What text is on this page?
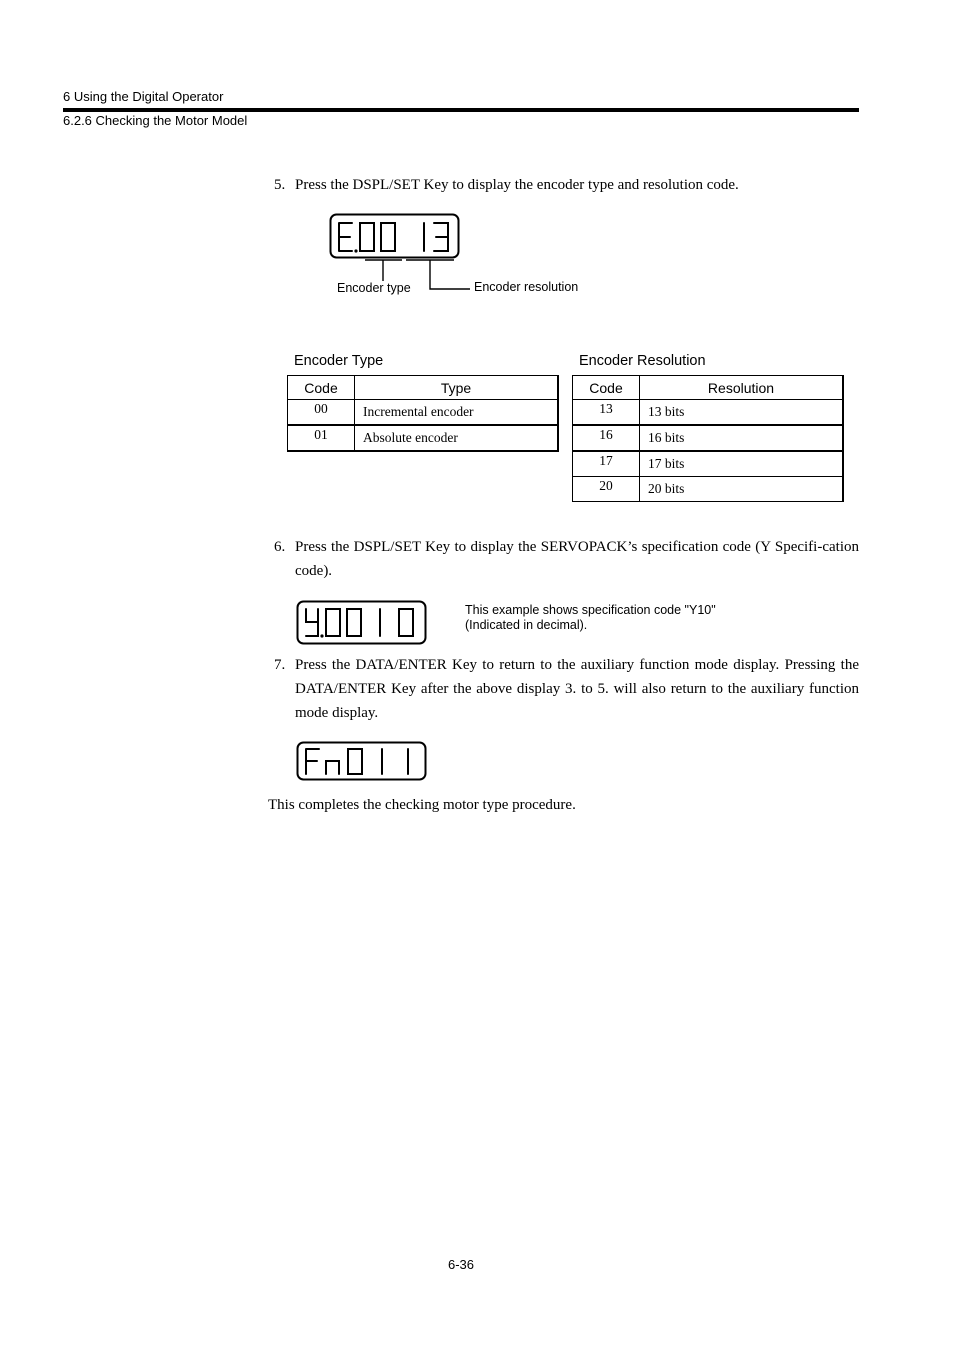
6 Using the Digital Operator
6.2.6 Checking the Motor Model
5. Press the DSPL/SET Key to display the encoder type and resolution code.
Encoder type	Encoder resolution
Encoder Type	Encoder Resolution
Code	Type
00	Incremental encoder
01	Absolute encoder
Code	Resolution
13	13 bits
16	16 bits
17	17 bits
20	20 bits
6. Press the DSPL/SET Key to display the SERVOPACK’s specification code (Y Specifi-cation code).
This example shows specification code "Y10"
(Indicated in decimal).
7. Press the DATA/ENTER Key to return to the auxiliary function mode display. Pressing the DATA/ENTER Key after the above display 3. to 5. will also return to the auxiliary function mode display.
This completes the checking motor type procedure.
6-36
